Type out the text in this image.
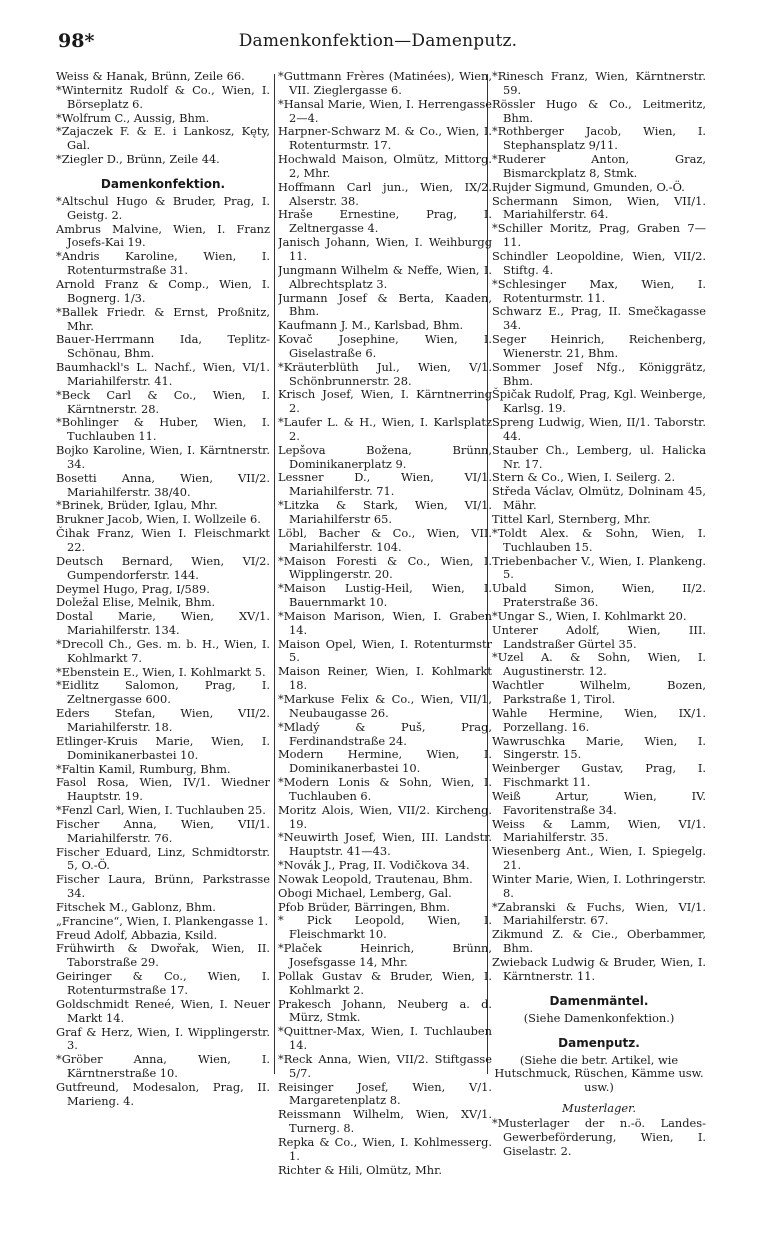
98*	Damenkonfektion—Damenputz.

Weiss & Hanak, Brünn, Zeile 66.

*Winternitz Rudolf & Co., Wien, I. Börseplatz 6.

*Wolfrum C., Aussig, Bhm.

*Zajaczek F. & E. i Lankosz, Kęty, Gal.

*Ziegler D., Brünn, Zeile 44.

Damenkonfektion.

*Altschul Hugo & Bruder, Prag, I. Geistg. 2.

Ambrus Malvine, Wien, I. Franz Josefs-Kai 19.

*Andris Karoline, Wien, I. Rotenturmstraße 31.

Arnold Franz & Comp., Wien, I. Bognerg. 1/3.

*Ballek Friedr. & Ernst, Proßnitz, Mhr.

Bauer-Herrmann Ida, Teplitz-Schönau, Bhm.

Baumhackl's L. Nachf., Wien, VI/1. Mariahilferstr. 41.

*Beck Carl & Co., Wien, I. Kärntnerstr. 28.

*Bohlinger & Huber, Wien, I. Tuchlauben 11.

Bojko Karoline, Wien, I. Kärntnerstr. 34.

Bosetti Anna, Wien, VII/2. Mariahilferstr. 38/40.

*Brinek, Brüder, Iglau, Mhr.

Brukner Jacob, Wien, I. Wollzeile 6.

Čihak Franz, Wien I. Fleischmarkt 22.

Deutsch Bernard, Wien, VI/2. Gumpendorferstr. 144.

Deymel Hugo, Prag, I/589.

Doležal Elise, Melnik, Bhm.

Dostal Marie, Wien, XV/1. Mariahilferstr. 134.

*Drecoll Ch., Ges. m. b. H., Wien, I. Kohlmarkt 7.

*Ebenstein E., Wien, I. Kohlmarkt 5.

*Eidlitz Salomon, Prag, I. Zeltnergasse 600.

Eders Stefan, Wien, VII/2. Mariahilferstr. 18.

Etlinger-Kruis Marie, Wien, I. Dominikanerbastei 10.

*Faltin Kamil, Rumburg, Bhm.

Fasol Rosa, Wien, IV/1. Wiedner Hauptstr. 19.

*Fenzl Carl, Wien, I. Tuchlauben 25.

Fischer Anna, Wien, VII/1. Mariahilferstr. 76.

Fischer Eduard, Linz, Schmidtorstr. 5, O.-Ö.

Fischer Laura, Brünn, Parkstrasse 34.

Fitschek M., Gablonz, Bhm.

„Francine“, Wien, I. Plankengasse 1.

Freud Adolf, Abbazia, Ksild.

Frühwirth & Dwořak, Wien, II. Taborstraße 29.

Geiringer & Co., Wien, I. Rotenturmstraße 17.

Goldschmidt Reneé, Wien, I. Neuer Markt 14.

Graf & Herz, Wien, I. Wipplingerstr. 3.

*Gröber Anna, Wien, I. Kärntnerstraße 10.

Gutfreund, Modesalon, Prag, II. Marieng. 4.

*Guttmann Frères (Matinées), Wien, VII. Zieglergasse 6.

*Hansal Marie, Wien, I. Herrengasse 2—4.

Harpner-Schwarz M. & Co., Wien, I. Rotenturmstr. 17.

Hochwald Maison, Olmütz, Mittorg. 2, Mhr.

Hoffmann Carl jun., Wien, IX/2. Alserstr. 38.

Hraše Ernestine, Prag, I. Zeltnergasse 4.

Janisch Johann, Wien, I. Weihburgg 11.

Jungmann Wilhelm & Neffe, Wien, I. Albrechtsplatz 3.

Jurmann Josef & Berta, Kaaden, Bhm.

Kaufmann J. M., Karlsbad, Bhm.

Kovač Josephine, Wien, I. Giselastraße 6.

*Kräuterblüth Jul., Wien, V/1. Schönbrunnerstr. 28.

Krisch Josef, Wien, I. Kärntnerring 2.

*Laufer L. & H., Wien, I. Karlsplatz 2.

Lepšova Božena, Brünn, Dominikanerplatz 9.

Lessner D., Wien, VI/1. Mariahilferstr. 71.

*Litzka & Stark, Wien, VI/1. Mariahilferstr 65.

Löbl, Bacher & Co., Wien, VII. Mariahilferstr. 104.

*Maison Foresti & Co., Wien, I. Wipplingerstr. 20.

*Maison Lustig-Heil, Wien, I. Bauernmarkt 10.

*Maison Marison, Wien, I. Graben 14.

Maison Opel, Wien, I. Rotenturmstr 5.

Maison Reiner, Wien, I. Kohlmarkt 18.

*Markuse Felix & Co., Wien, VII/1, Neubaugasse 26.

*Mladý & Puš, Prag, Ferdinandstraße 24.

Modern Hermine, Wien, I. Dominikanerbastei 10.

*Modern Lonis & Sohn, Wien, I. Tuchlauben 6.

Moritz Alois, Wien, VII/2. Kircheng. 19.

*Neuwirth Josef, Wien, III. Landstr. Hauptstr. 41—43.

*Novák J., Prag, II. Vodičkova 34.

Nowak Leopold, Trautenau, Bhm.

Obogi Michael, Lemberg, Gal.

Pfob Brüder, Bärringen, Bhm.

* Pick Leopold, Wien, I. Fleischmarkt 10.

*Plaček Heinrich, Brünn, Josefsgasse 14, Mhr.

Pollak Gustav & Bruder, Wien, I. Kohlmarkt 2.

Prakesch Johann, Neuberg a. d. Mürz, Stmk.

*Quittner-Max, Wien, I. Tuchlauben 14.

*Reck Anna, Wien, VII/2. Stiftgasse 5/7.

Reisinger Josef, Wien, V/1. Margaretenplatz 8.

Reissmann Wilhelm, Wien, XV/1. Turnerg. 8.

Repka & Co., Wien, I. Kohlmesserg. 1.

Richter & Hili, Olmütz, Mhr.

*Rinesch Franz, Wien, Kärntnerstr. 59.

Rössler Hugo & Co., Leitmeritz, Bhm.

*Rothberger Jacob, Wien, I. Stephansplatz 9/11.

*Ruderer Anton, Graz, Bismarckplatz 8, Stmk.

Rujder Sigmund, Gmunden, O.-Ö.

Schermann Simon, Wien, VII/1. Mariahilferstr. 64.

*Schiller Moritz, Prag, Graben 7—11.

Schindler Leopoldine, Wien, VII/2. Stiftg. 4.

*Schlesinger Max, Wien, I. Rotenturmstr. 11.

Schwarz E., Prag, II. Smečkagasse 34.

Seger Heinrich, Reichenberg, Wienerstr. 21, Bhm.

Sommer Josef Nfg., Königgrätz, Bhm.

Špičak Rudolf, Prag, Kgl. Weinberge, Karlsg. 19.

Spreng Ludwig, Wien, II/1. Taborstr. 44.

Stauber Ch., Lemberg, ul. Halicka Nr. 17.

Stern & Co., Wien, I. Seilerg. 2.

Středa Václav, Olmütz, Dolninam 45, Mähr.

Tittel Karl, Sternberg, Mhr.

*Toldt Alex. & Sohn, Wien, I. Tuchlauben 15.

Triebenbacher V., Wien, I. Plankeng. 5.

Ubald Simon, Wien, II/2. Praterstraße 36.

*Ungar S., Wien, I. Kohlmarkt 20.

Unterer Adolf, Wien, III. Landstraßer Gürtel 35.

*Uzel A. & Sohn, Wien, I. Augustinerstr. 12.

Wachtler Wilhelm, Bozen, Parkstraße 1, Tirol.

Wahle Hermine, Wien, IX/1. Porzellang. 16.

Wawruschka Marie, Wien, I. Singerstr. 15.

Weinberger Gustav, Prag, I. Fischmarkt 11.

Weiß Artur, Wien, IV. Favoritenstraße 34.

Weiss & Lamm, Wien, VI/1. Mariahilferstr. 35.

Wiesenberg Ant., Wien, I. Spiegelg. 21.

Winter Marie, Wien, I. Lothringerstr. 8.

*Zabranski & Fuchs, Wien, VI/1. Mariahilferstr. 67.

Zikmund Z. & Cie., Oberbammer, Bhm.

Zwieback Ludwig & Bruder, Wien, I. Kärntnerstr. 11.

Damenmäntel.

(Siehe Damenkonfektion.)

Damenputz.

(Siehe die betr. Artikel, wie Hutschmuck, Rüschen, Kämme usw. usw.)

Musterlager.

*Musterlager der n.-ö. Landes-Gewerbeförderung, Wien, I. Giselastr. 2.
